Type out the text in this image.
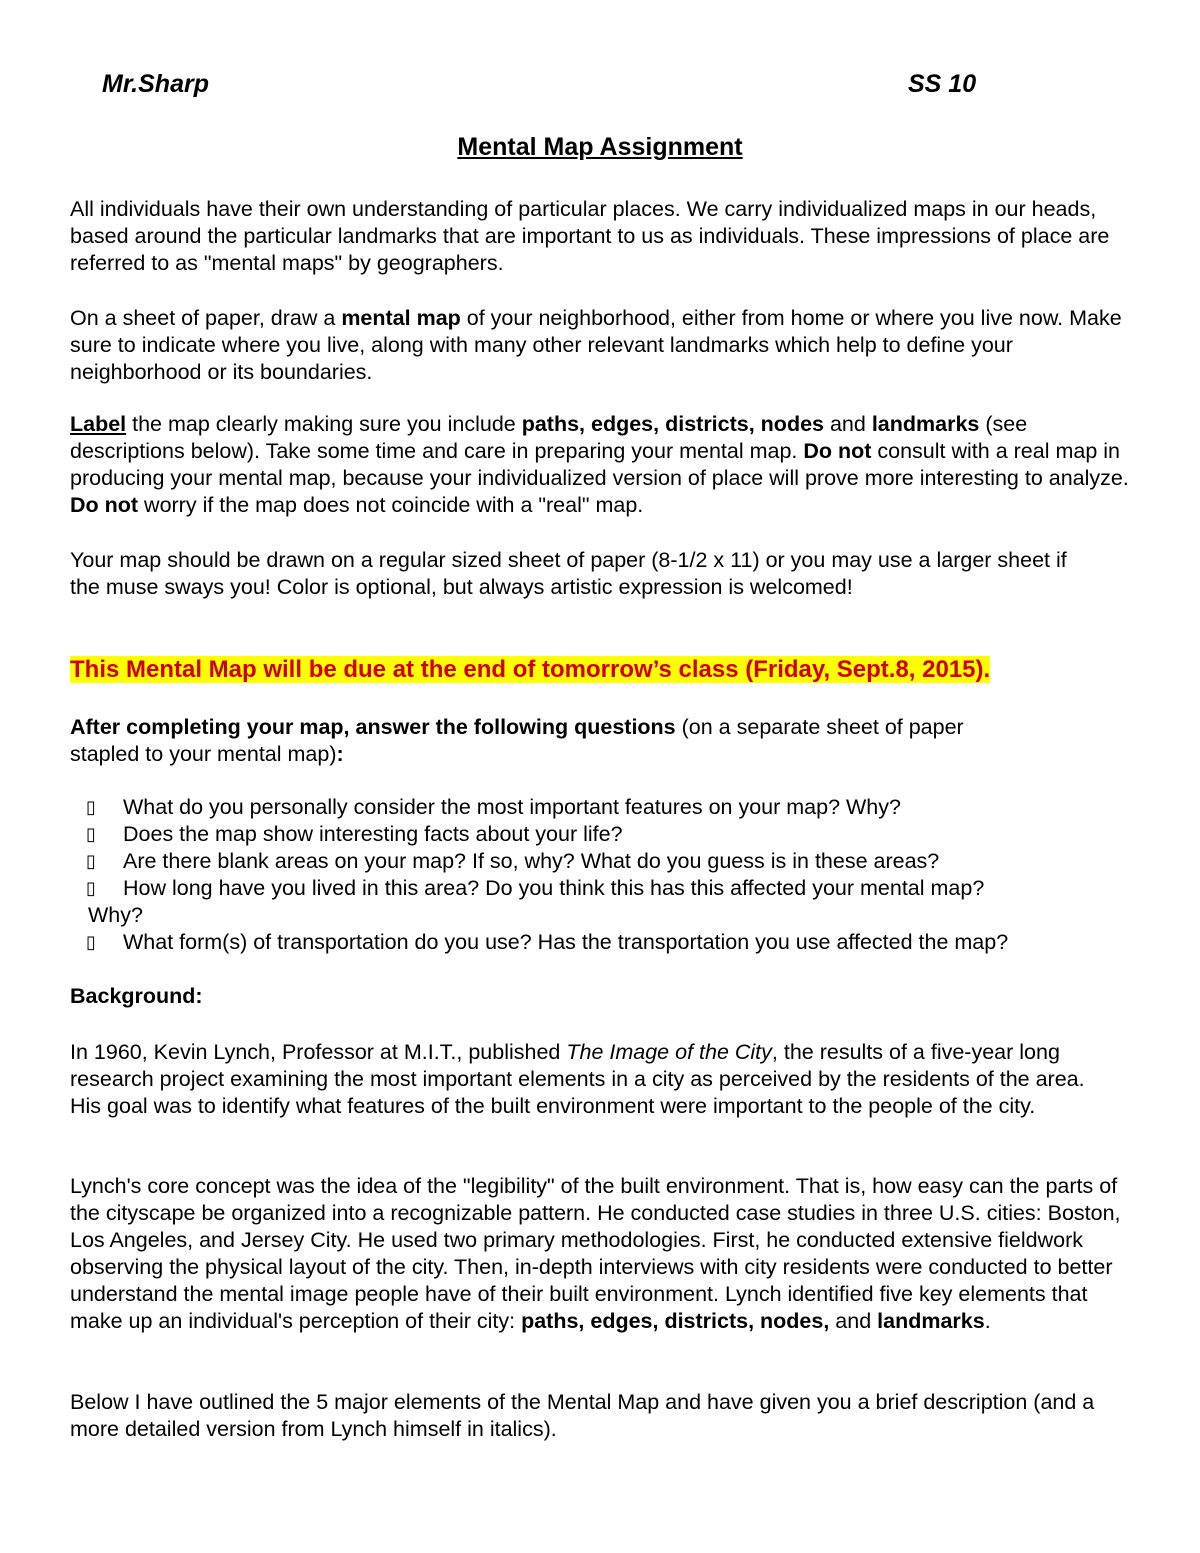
Mr.Sharp	SS 10
Mental Map Assignment
All individuals have their own understanding of particular places. We carry individualized maps in our heads, based around the particular landmarks that are important to us as individuals. These impressions of place are referred to as "mental maps" by geographers.
On a sheet of paper, draw a mental map of your neighborhood, either from home or where you live now. Make sure to indicate where you live, along with many other relevant landmarks which help to define your neighborhood or its boundaries.
Label the map clearly making sure you include paths, edges, districts, nodes and landmarks (see descriptions below). Take some time and care in preparing your mental map. Do not consult with a real map in producing your mental map, because your individualized version of place will prove more interesting to analyze. Do not worry if the map does not coincide with a "real" map.
Your map should be drawn on a regular sized sheet of paper (8-1/2 x 11) or you may use a larger sheet if the muse sways you! Color is optional, but always artistic expression is welcomed!
This Mental Map will be due at the end of tomorrow’s class (Friday, Sept.8, 2015).
After completing your map, answer the following questions (on a separate sheet of paper stapled to your mental map):
▯	What do you personally consider the most important features on your map? Why?
▯	Does the map show interesting facts about your life?
▯	Are there blank areas on your map? If so, why? What do you guess is in these areas?
▯	How long have you lived in this area? Do you think this has this affected your mental map?
Why?
▯	What form(s) of transportation do you use? Has the transportation you use affected the map?
Background:
In 1960, Kevin Lynch, Professor at M.I.T., published The Image of the City, the results of a five-year long research project examining the most important elements in a city as perceived by the residents of the area. His goal was to identify what features of the built environment were important to the people of the city.
Lynch's core concept was the idea of the "legibility" of the built environment. That is, how easy can the parts of the cityscape be organized into a recognizable pattern. He conducted case studies in three U.S. cities: Boston, Los Angeles, and Jersey City. He used two primary methodologies. First, he conducted extensive fieldwork observing the physical layout of the city. Then, in-depth interviews with city residents were conducted to better understand the mental image people have of their built environment. Lynch identified five key elements that make up an individual's perception of their city: paths, edges, districts, nodes, and landmarks.
Below I have outlined the 5 major elements of the Mental Map and have given you a brief description (and a more detailed version from Lynch himself in italics).
